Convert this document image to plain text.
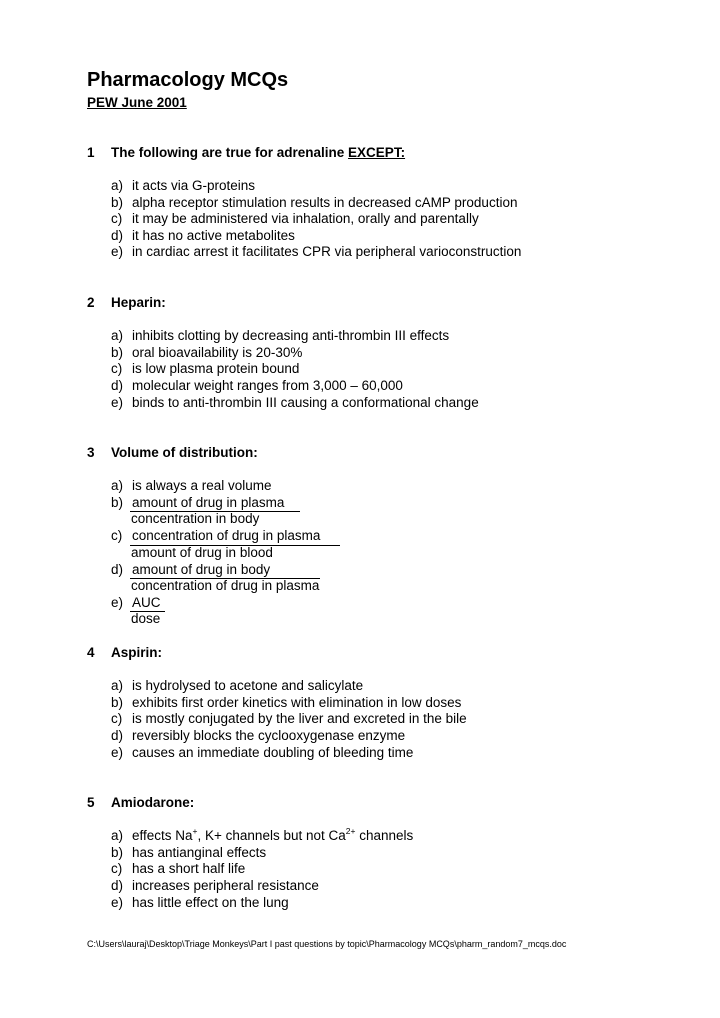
Pharmacology MCQs
PEW June 2001
1 The following are true for adrenaline EXCEPT:
a) it acts via G-proteins
b) alpha receptor stimulation results in decreased cAMP production
c) it may be administered via inhalation, orally and parentally
d) it has no active metabolites
e) in cardiac arrest it facilitates CPR via peripheral varioconstruction
2 Heparin:
a) inhibits clotting by decreasing anti-thrombin III effects
b) oral bioavailability is 20-30%
c) is low plasma protein bound
d) molecular weight ranges from 3,000 – 60,000
e) binds to anti-thrombin III causing a conformational change
3 Volume of distribution:
a) is always a real volume
b) amount of drug in plasma
concentration in body
c) concentration of drug in plasma
amount of drug in blood
d) amount of drug in body
concentration of drug in plasma
e) AUC
dose
4 Aspirin:
a) is hydrolysed to acetone and salicylate
b) exhibits first order kinetics with elimination in low doses
c) is mostly conjugated by the liver and excreted in the bile
d) reversibly blocks the cyclooxygenase enzyme
e) causes an immediate doubling of bleeding time
5 Amiodarone:
a) effects Na+, K+ channels but not $Ca^{2+}$ channels
b) has antianginal effects
c) has a short half life
d) increases peripheral resistance
e) has little effect on the lung
C:\Users\lauraj\Desktop\Triage Monkeys\Part I past questions by topic\Pharmacology MCQs\pharm_random7_mcqs.doc
